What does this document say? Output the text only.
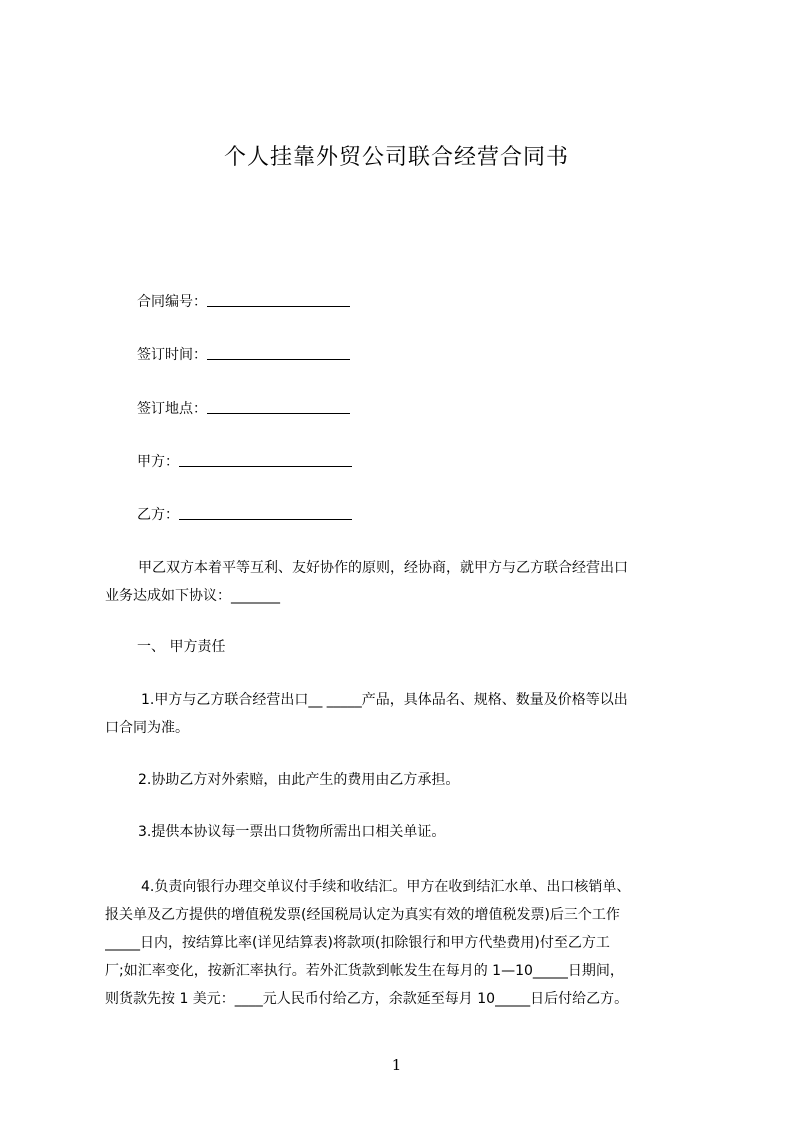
个人挂靠外贸公司联合经营合同书
合同编号：
签订时间：
签订地点：
甲方：
乙方：
甲乙双方本着平等互利、友好协作的原则，经协商，就甲方与乙方联合经营出口
业务达成如下协议：_______
一、 甲方责任
1.甲方与乙方联合经营出口__ _____产品，具体品名、规格、数量及价格等以出
口合同为准。
2.协助乙方对外索赔，由此产生的费用由乙方承担。
3.提供本协议每一票出口货物所需出口相关单证。
4.负责向银行办理交单议付手续和收结汇。甲方在收到结汇水单、出口核销单、
报关单及乙方提供的增值税发票(经国税局认定为真实有效的增值税发票)后三个工作
_____日内，按结算比率(详见结算表)将款项(扣除银行和甲方代垫费用)付至乙方工
厂;如汇率变化，按新汇率执行。若外汇货款到帐发生在每月的 1—10_____日期间，
则货款先按 1 美元：____元人民币付给乙方，余款延至每月 10_____日后付给乙方。
1
